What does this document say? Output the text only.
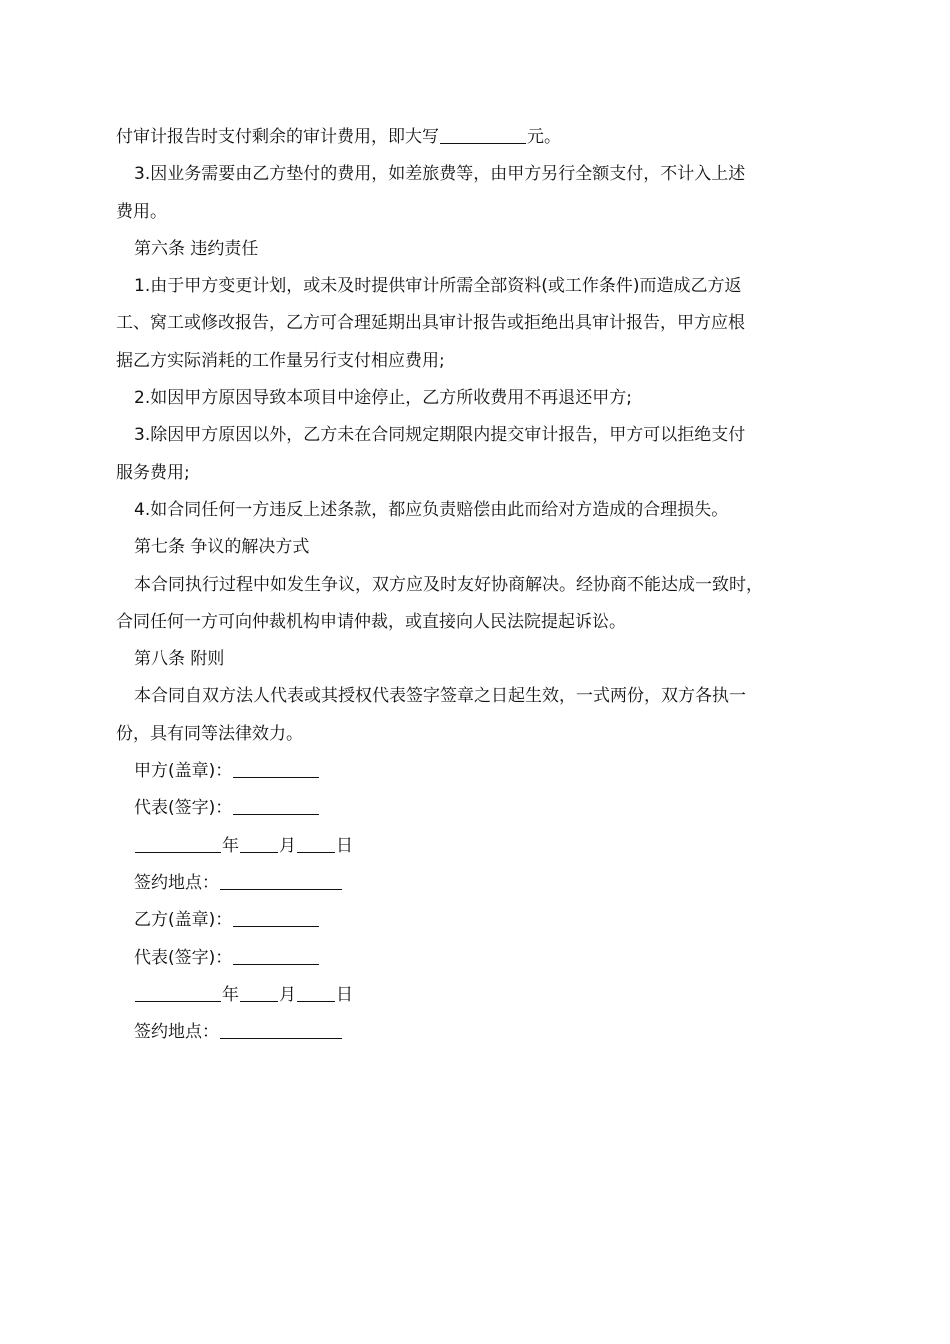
付审计报告时支付剩余的审计费用，即大写	元。

3.因业务需要由乙方垫付的费用，如差旅费等，由甲方另行全额支付，不计入上述

费用。

第六条 违约责任

1.由于甲方变更计划，或未及时提供审计所需全部资料(或工作条件)而造成乙方返

工、窝工或修改报告，乙方可合理延期出具审计报告或拒绝出具审计报告，甲方应根

据乙方实际消耗的工作量另行支付相应费用;

2.如因甲方原因导致本项目中途停止，乙方所收费用不再退还甲方;

3.除因甲方原因以外，乙方未在合同规定期限内提交审计报告，甲方可以拒绝支付

服务费用;

4.如合同任何一方违反上述条款，都应负责赔偿由此而给对方造成的合理损失。

第七条 争议的解决方式

本合同执行过程中如发生争议，双方应及时友好协商解决。经协商不能达成一致时，

合同任何一方可向仲裁机构申请仲裁，或直接向人民法院提起诉讼。

第八条 附则

本合同自双方法人代表或其授权代表签字签章之日起生效，一式两份，双方各执一

份，具有同等法律效力。

甲方(盖章)：

代表(签字)：

年 月 日

签约地点：

乙方(盖章)：

代表(签字)：

年 月 日

签约地点：
